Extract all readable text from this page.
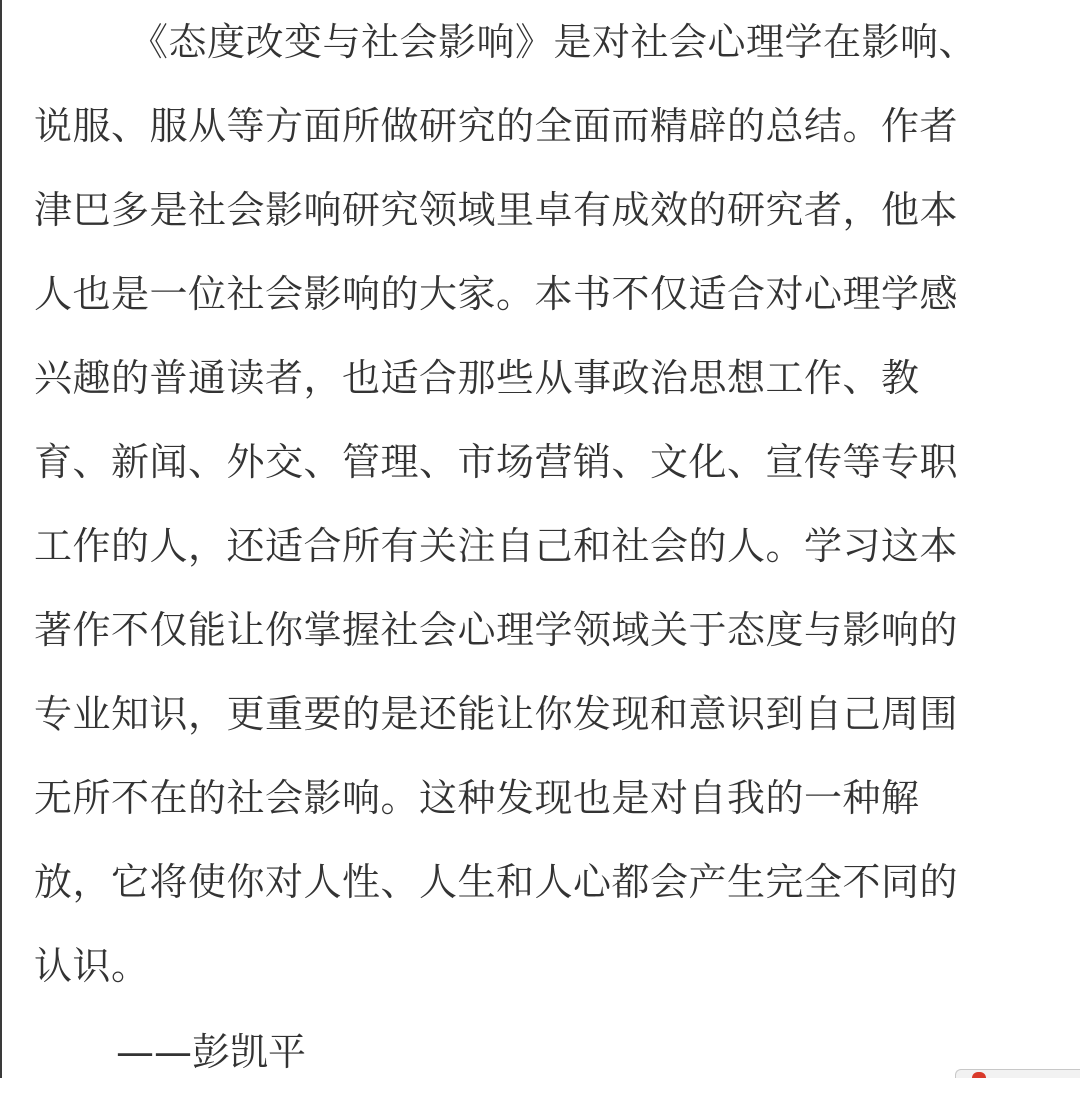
《态度改变与社会影响》是对社会心理学在影响、
说服、服从等方面所做研究的全面而精辟的总结。作者
津巴多是社会影响研究领域里卓有成效的研究者，他本
人也是一位社会影响的大家。本书不仅适合对心理学感
兴趣的普通读者，也适合那些从事政治思想工作、教
育、新闻、外交、管理、市场营销、文化、宣传等专职
工作的人，还适合所有关注自己和社会的人。学习这本
著作不仅能让你掌握社会心理学领域关于态度与影响的
专业知识，更重要的是还能让你发现和意识到自己周围
无所不在的社会影响。这种发现也是对自我的一种解
放，它将使你对人性、人生和人心都会产生完全不同的
认识。
——彭凯平
